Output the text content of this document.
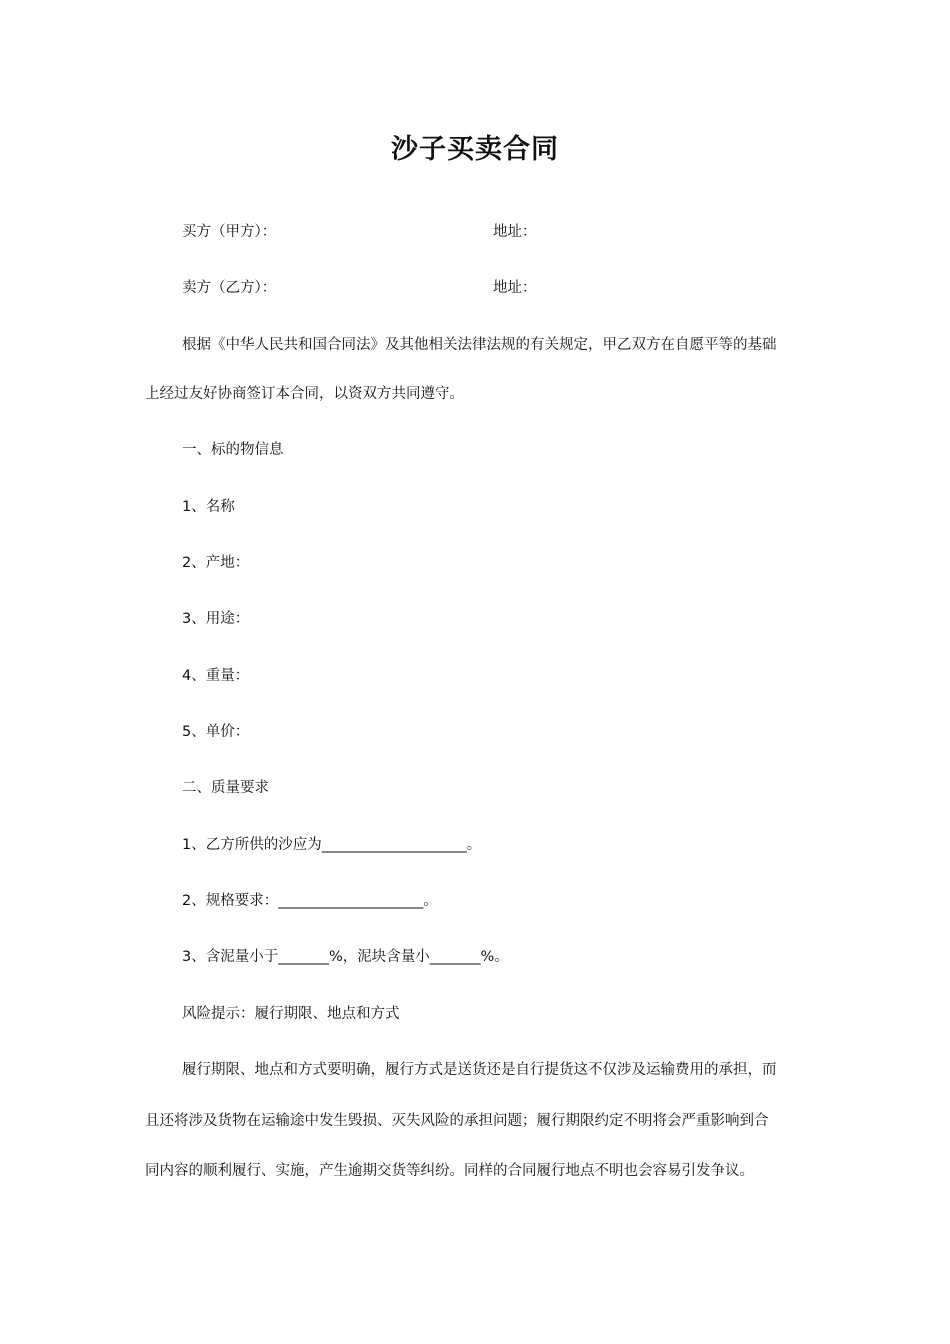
沙子买卖合同
买方（甲方）：	地址：
卖方（乙方）：	地址：
根据《中华人民共和国合同法》及其他相关法律法规的有关规定，甲乙双方在自愿平等的基础
上经过友好协商签订本合同，以资双方共同遵守。
一、标的物信息
1、名称
2、产地：
3、用途：
4、重量：
5、单价：
二、质量要求
1、乙方所供的沙应为____________________。
2、规格要求：____________________。
3、含泥量小于_______%，泥块含量小_______%。
风险提示：履行期限、地点和方式
履行期限、地点和方式要明确，履行方式是送货还是自行提货这不仅涉及运输费用的承担，而
且还将涉及货物在运输途中发生毁损、灭失风险的承担问题；履行期限约定不明将会严重影响到合
同内容的顺利履行、实施，产生逾期交货等纠纷。同样的合同履行地点不明也会容易引发争议。
